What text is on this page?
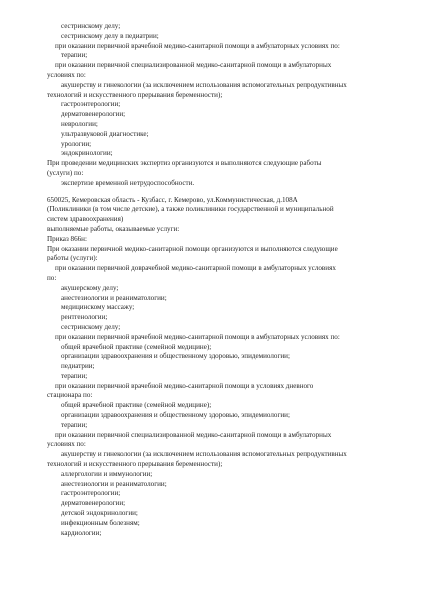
сестринскому делу;
сестринскому делу в педиатрии;
при оказании первичной врачебной медико-санитарной помощи в амбулаторных условиях по:
терапии;
при оказании первичной специализированной медико-санитарной помощи в амбулаторных
условиях по:
акушерству и гинекологии (за исключением использования вспомогательных репродуктивных
технологий и искусственного прерывания беременности);
гастроэнтерологии;
дерматовенерологии;
неврологии;
ультразвуковой диагностике;
урологии;
эндокринологии;
При проведении медицинских экспертиз организуются и выполняются следующие работы
(услуги) по:
экспертизе временной нетрудоспособности.
650025, Кемеровская область - Кузбасс, г. Кемерово, ул.Коммунистическая, д.108А
(Поликлиники (в том числе детские), а также поликлиники государственной и муниципальной
систем здравоохранения)
выполняемые работы, оказываемые услуги:
Приказ 866н:
При оказании первичной медико-санитарной помощи организуются и выполняются следующие
работы (услуги):
при оказании первичной доврачебной медико-санитарной помощи в амбулаторных условиях
по:
акушерскому делу;
анестезиологии и реаниматологии;
медицинскому массажу;
рентгенологии;
сестринскому делу;
при оказании первичной врачебной медико-санитарной помощи в амбулаторных условиях по:
общей врачебной практике (семейной медицине);
организации здравоохранения и общественному здоровью, эпидемиологии;
педиатрии;
терапии;
при оказании первичной врачебной медико-санитарной помощи в условиях дневного
стационара по:
общей врачебной практике (семейной медицине);
организации здравоохранения и общественному здоровью, эпидемиологии;
терапии;
при оказании первичной специализированной медико-санитарной помощи в амбулаторных
условиях по:
акушерству и гинекологии (за исключением использования вспомогательных репродуктивных
технологий и искусственного прерывания беременности);
аллергологии и иммунологии;
анестезиологии и реаниматологии;
гастроэнтерологии;
дерматовенерологии;
детской эндокринологии;
инфекционным болезням;
кардиологии;
